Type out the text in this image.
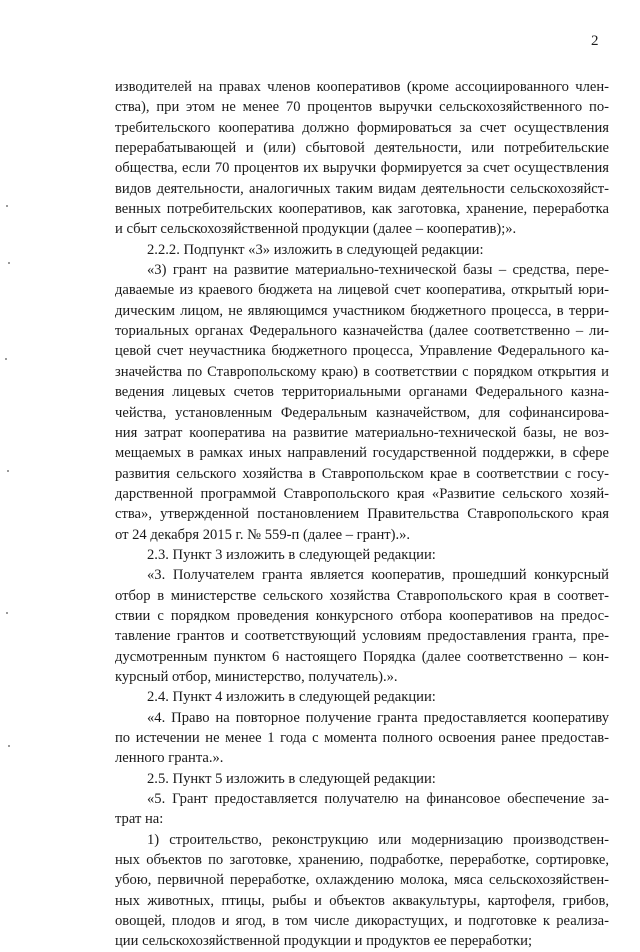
2
изводителей на правах членов кооперативов (кроме ассоциированного член-
ства), при этом не менее 70 процентов выручки сельскохозяйственного по-
требительского кооператива должно формироваться за счет осуществления
перерабатывающей и (или) сбытовой деятельности, или потребительские
общества, если 70 процентов их выручки формируется за счет осуществления
видов деятельности, аналогичных таким видам деятельности сельскохозяйст-
венных потребительских кооперативов, как заготовка, хранение, переработка
и сбыт сельскохозяйственной продукции (далее – кооператив);».
2.2.2. Подпункт «3» изложить в следующей редакции:
«3) грант на развитие материально-технической базы – средства, пере-
даваемые из краевого бюджета на лицевой счет кооператива, открытый юри-
дическим лицом, не являющимся участником бюджетного процесса, в терри-
ториальных органах Федерального казначейства (далее соответственно – ли-
цевой счет неучастника бюджетного процесса, Управление Федерального ка-
значейства по Ставропольскому краю) в соответствии с порядком открытия и
ведения лицевых счетов территориальными органами Федерального казна-
чейства, установленным Федеральным казначейством, для софинансирова-
ния затрат кооператива на развитие материально-технической базы, не воз-
мещаемых в рамках иных направлений государственной поддержки, в сфере
развития сельского хозяйства в Ставропольском крае в соответствии с госу-
дарственной программой Ставропольского края «Развитие сельского хозяй-
ства», утвержденной постановлением Правительства Ставропольского края
от 24 декабря 2015 г. № 559-п (далее – грант).».
2.3. Пункт 3 изложить в следующей редакции:
«3. Получателем гранта является кооператив, прошедший конкурсный
отбор в министерстве сельского хозяйства Ставропольского края в соответ-
ствии с порядком проведения конкурсного отбора кооперативов на предос-
тавление грантов и соответствующий условиям предоставления гранта, пре-
дусмотренным пунктом 6 настоящего Порядка (далее соответственно – кон-
курсный отбор, министерство, получатель).».
2.4. Пункт 4 изложить в следующей редакции:
«4. Право на повторное получение гранта предоставляется кооперативу
по истечении не менее 1 года с момента полного освоения ранее предостав-
ленного гранта.».
2.5. Пункт 5 изложить в следующей редакции:
«5. Грант предоставляется получателю на финансовое обеспечение за-
трат на:
1) строительство, реконструкцию или модернизацию производствен-
ных объектов по заготовке, хранению, подработке, переработке, сортировке,
убою, первичной переработке, охлаждению молока, мяса сельскохозяйствен-
ных животных, птицы, рыбы и объектов аквакультуры, картофеля, грибов,
овощей, плодов и ягод, в том числе дикорастущих, и подготовке к реализа-
ции сельскохозяйственной продукции и продуктов ее переработки;
